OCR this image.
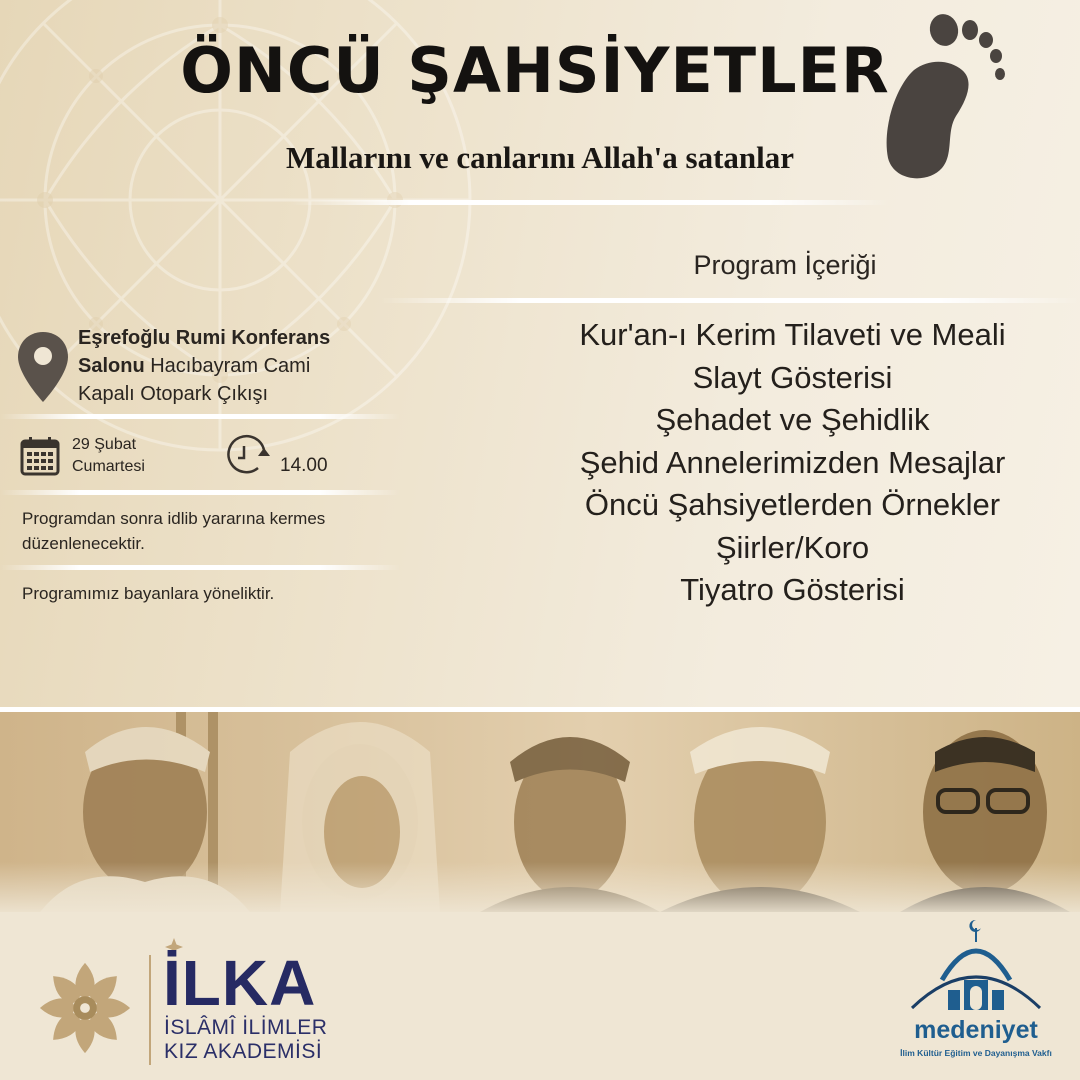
ÖNCÜ ŞAHSİYETLER
Mallarını ve canlarını Allah'a satanlar
Program İçeriği
Kur'an-ı Kerim Tilaveti ve Meali
Slayt Gösterisi
Şehadet ve Şehidlik
Şehid Annelerimizden Mesajlar
Öncü Şahsiyetlerden Örnekler
Şiirler/Koro
Tiyatro Gösterisi
Eşrefoğlu Rumi Konferans Salonu Hacıbayram Cami Kapalı Otopark Çıkışı
29 Şubat
Cumartesi	14.00
Programdan sonra idlib yararına kermes düzenlenecektir.
Programımız bayanlara yöneliktir.
İLKA
İSLÂMÎ İLİMLER
KIZ AKADEMİSİ
medeniyet
İlim Kültür Eğitim ve Dayanışma Vakfı
